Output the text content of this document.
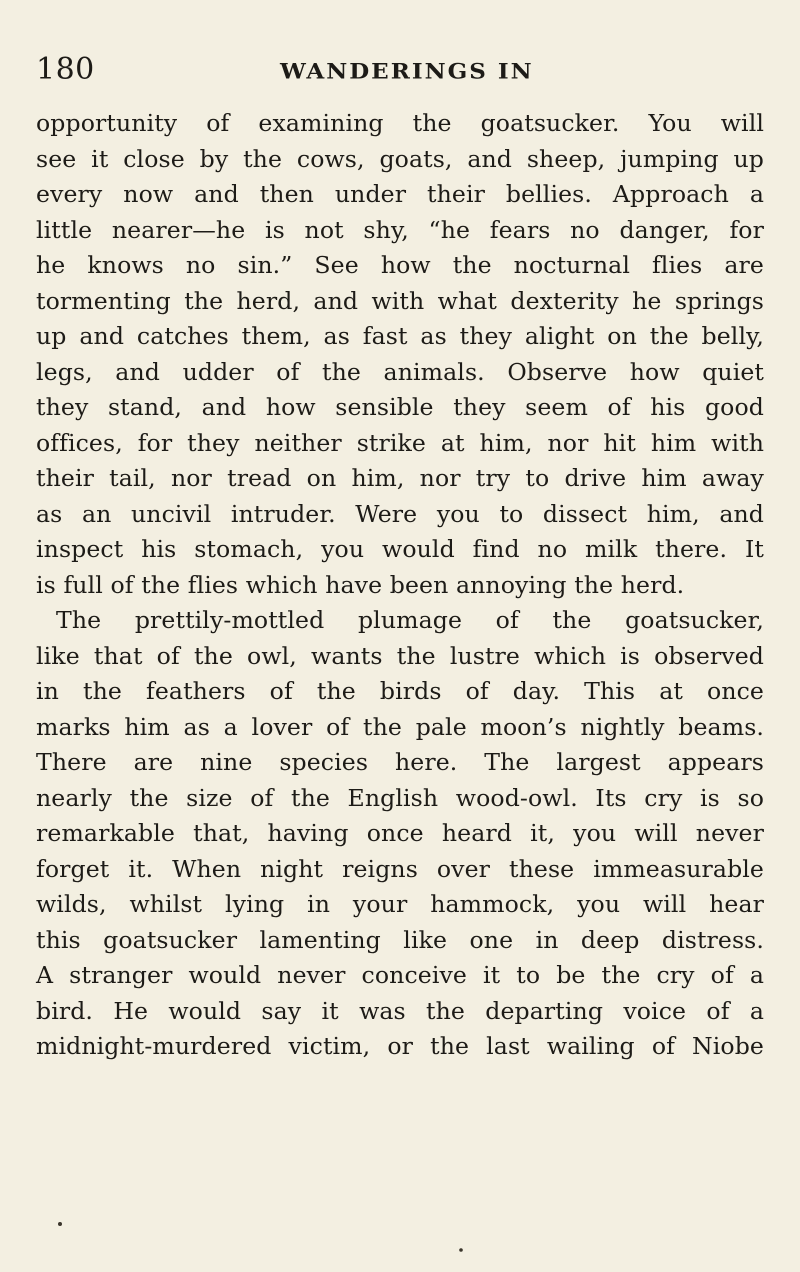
180	WANDERINGS IN
opportunity of examining the goatsucker. You will
see it close by the cows, goats, and sheep, jumping up
every now and then under their bellies. Approach a
little nearer—he is not shy, “he fears no danger, for
he knows no sin.” See how the nocturnal flies are
tormenting the herd, and with what dexterity he springs
up and catches them, as fast as they alight on the belly,
legs, and udder of the animals. Observe how quiet
they stand, and how sensible they seem of his good
offices, for they neither strike at him, nor hit him with
their tail, nor tread on him, nor try to drive him away
as an uncivil intruder. Were you to dissect him, and
inspect his stomach, you would find no milk there. It
is full of the flies which have been annoying the herd.
The prettily-mottled plumage of the goatsucker,
like that of the owl, wants the lustre which is observed
in the feathers of the birds of day. This at once
marks him as a lover of the pale moon’s nightly beams.
There are nine species here. The largest appears
nearly the size of the English wood-owl. Its cry is so
remarkable that, having once heard it, you will never
forget it. When night reigns over these immeasurable
wilds, whilst lying in your hammock, you will hear
this goatsucker lamenting like one in deep distress.
A stranger would never conceive it to be the cry of a
bird. He would say it was the departing voice of a
midnight-murdered victim, or the last wailing of Niobe
